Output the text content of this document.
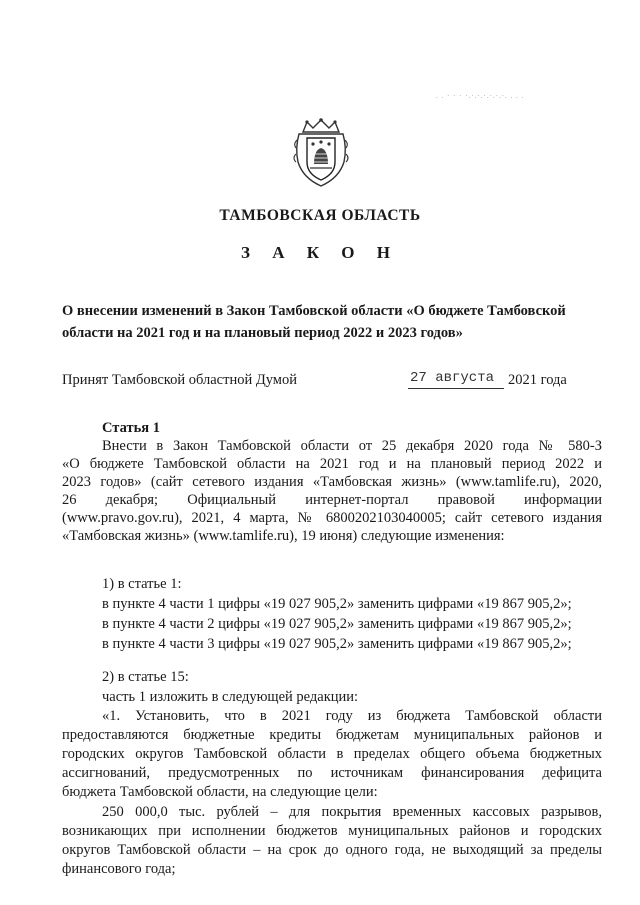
. . · · · ·.·.·.·.·.·.·. . . .
ТАМБОВСКАЯ ОБЛАСТЬ
З А К О Н
О внесении изменений в Закон Тамбовской области «О бюджете Тамбовской области на 2021 год и на плановый период 2022 и 2023 годов»
Принят Тамбовской областной Думой	27 августа 2021 года
Статья 1
Внести в Закон Тамбовской области от 25 декабря 2020 года № 580-З
«О бюджете Тамбовской области на 2021 год и на плановый период 2022 и
2023 годов» (сайт сетевого издания «Тамбовская жизнь» (www.tamlife.ru), 2020,
26 декабря; Официальный интернет-портал правовой информации
(www.pravo.gov.ru), 2021, 4 марта, № 6800202103040005; сайт сетевого издания
«Тамбовская жизнь» (www.tamlife.ru), 19 июня) следующие изменения:
1) в статье 1:
в пункте 4 части 1 цифры «19 027 905,2» заменить цифрами «19 867 905,2»;
в пункте 4 части 2 цифры «19 027 905,2» заменить цифрами «19 867 905,2»;
в пункте 4 части 3 цифры «19 027 905,2» заменить цифрами «19 867 905,2»;
2) в статье 15:
часть 1 изложить в следующей редакции:
«1. Установить, что в 2021 году из бюджета Тамбовской области
предоставляются бюджетные кредиты бюджетам муниципальных районов и
городских округов Тамбовской области в пределах общего объема бюджетных
ассигнований, предусмотренных по источникам финансирования дефицита
бюджета Тамбовской области, на следующие цели:
250 000,0 тыс. рублей – для покрытия временных кассовых разрывов,
возникающих при исполнении бюджетов муниципальных районов и городских
округов Тамбовской области – на срок до одного года, не выходящий за пределы
финансового года;
